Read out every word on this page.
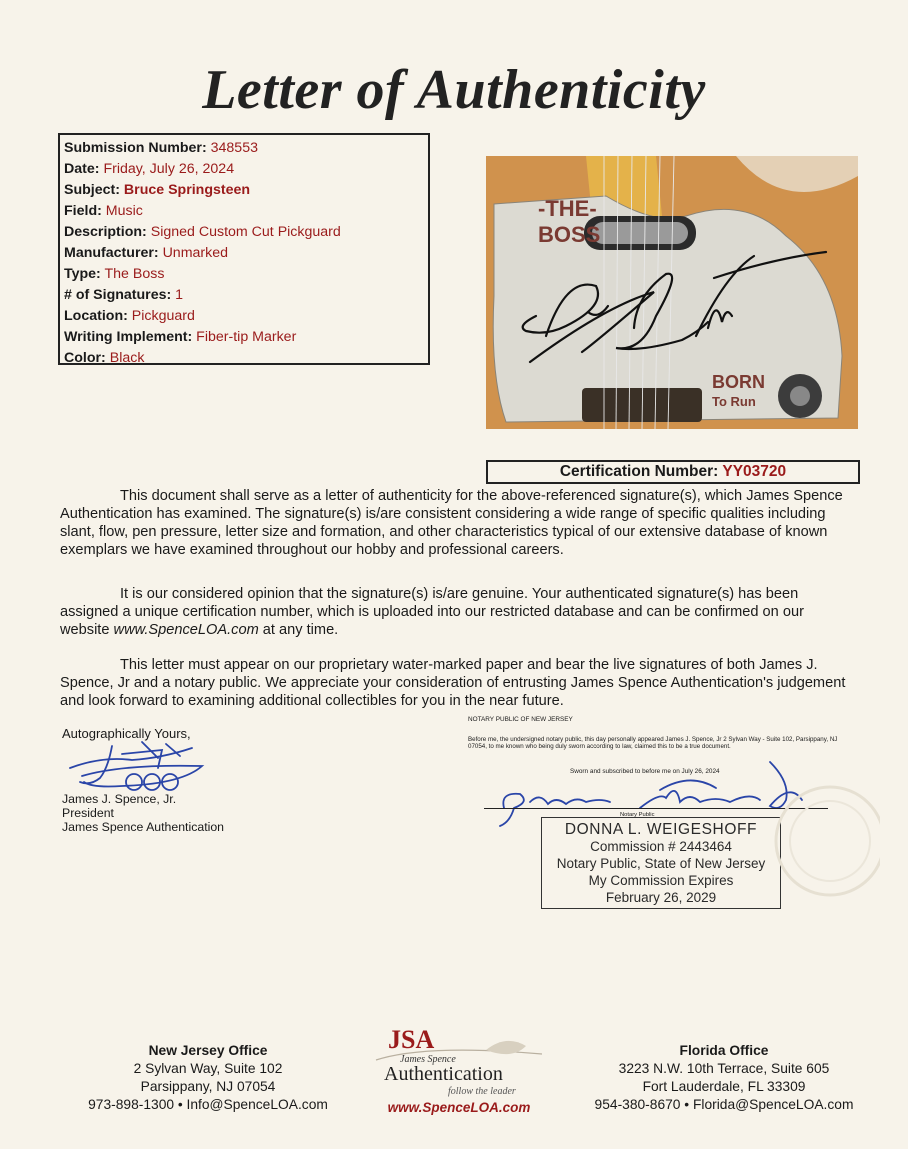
Letter of Authenticity
Submission Number: 348553
Date: Friday, July 26, 2024
Subject: Bruce Springsteen
Field: Music
Description: Signed Custom Cut Pickguard
Manufacturer: Unmarked
Type: The Boss
# of Signatures: 1
Location: Pickguard
Writing Implement: Fiber-tip Marker
Color: Black
-THE-
BOSS
BORN
To Run
Certification Number: YY03720
This document shall serve as a letter of authenticity for the above-referenced signature(s), which James Spence Authentication has examined. The signature(s) is/are consistent considering a wide range of specific qualities including slant, flow, pen pressure, letter size and formation, and other characteristics typical of our extensive database of known exemplars we have examined throughout our hobby and professional careers.
It is our considered opinion that the signature(s) is/are genuine. Your authenticated signature(s) has been assigned a unique certification number, which is uploaded into our restricted database and can be confirmed on our website www.SpenceLOA.com at any time.
This letter must appear on our proprietary water-marked paper and bear the live signatures of both James J. Spence, Jr and a notary public. We appreciate your consideration of entrusting James Spence Authentication's judgement and look forward to examining additional collectibles for you in the near future.
Autographically Yours,
James J. Spence, Jr.
President
James Spence Authentication
NOTARY PUBLIC OF NEW JERSEY
Before me, the undersigned notary public, this day personally appeared James J. Spence, Jr 2 Sylvan Way - Suite 102, Parsippany, NJ 07054, to me known who being duly sworn according to law, claimed this to be a true document.
Sworn and subscribed to before me on July 26, 2024
Notary Public
DONNA L. WEIGESHOFF
Commission # 2443464
Notary Public, State of New Jersey
My Commission Expires
February 26, 2029
New Jersey Office
2 Sylvan Way, Suite 102
Parsippany, NJ 07054
973-898-1300 • Info@SpenceLOA.com
JSA
James Spence
Authentication
follow the leader
www.SpenceLOA.com
Florida Office
3223 N.W. 10th Terrace, Suite 605
Fort Lauderdale, FL 33309
954-380-8670 • Florida@SpenceLOA.com
